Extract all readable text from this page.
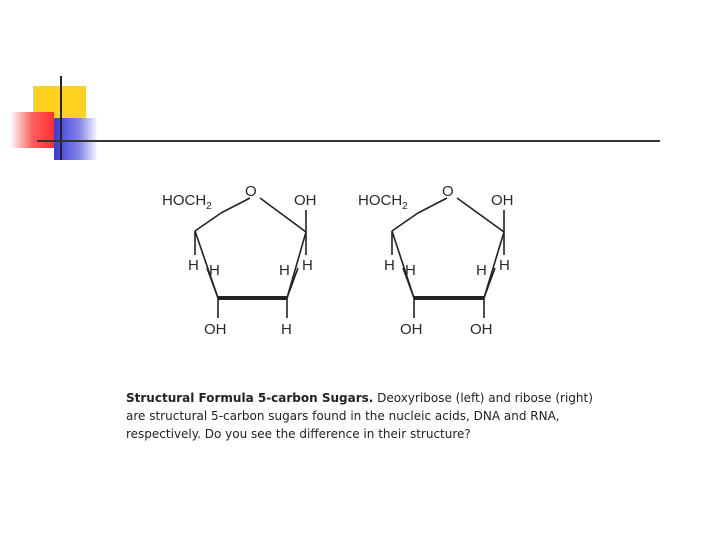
$HOCH_2$
O
OH
H H	H H
OH	H
$HOCH_2$
O
OH
H H	H H
OH	OH

Structural Formula 5-carbon Sugars. Deoxyribose (left) and ribose (right) are structural 5-carbon sugars found in the nucleic acids, DNA and RNA, respectively. Do you see the difference in their structure?
